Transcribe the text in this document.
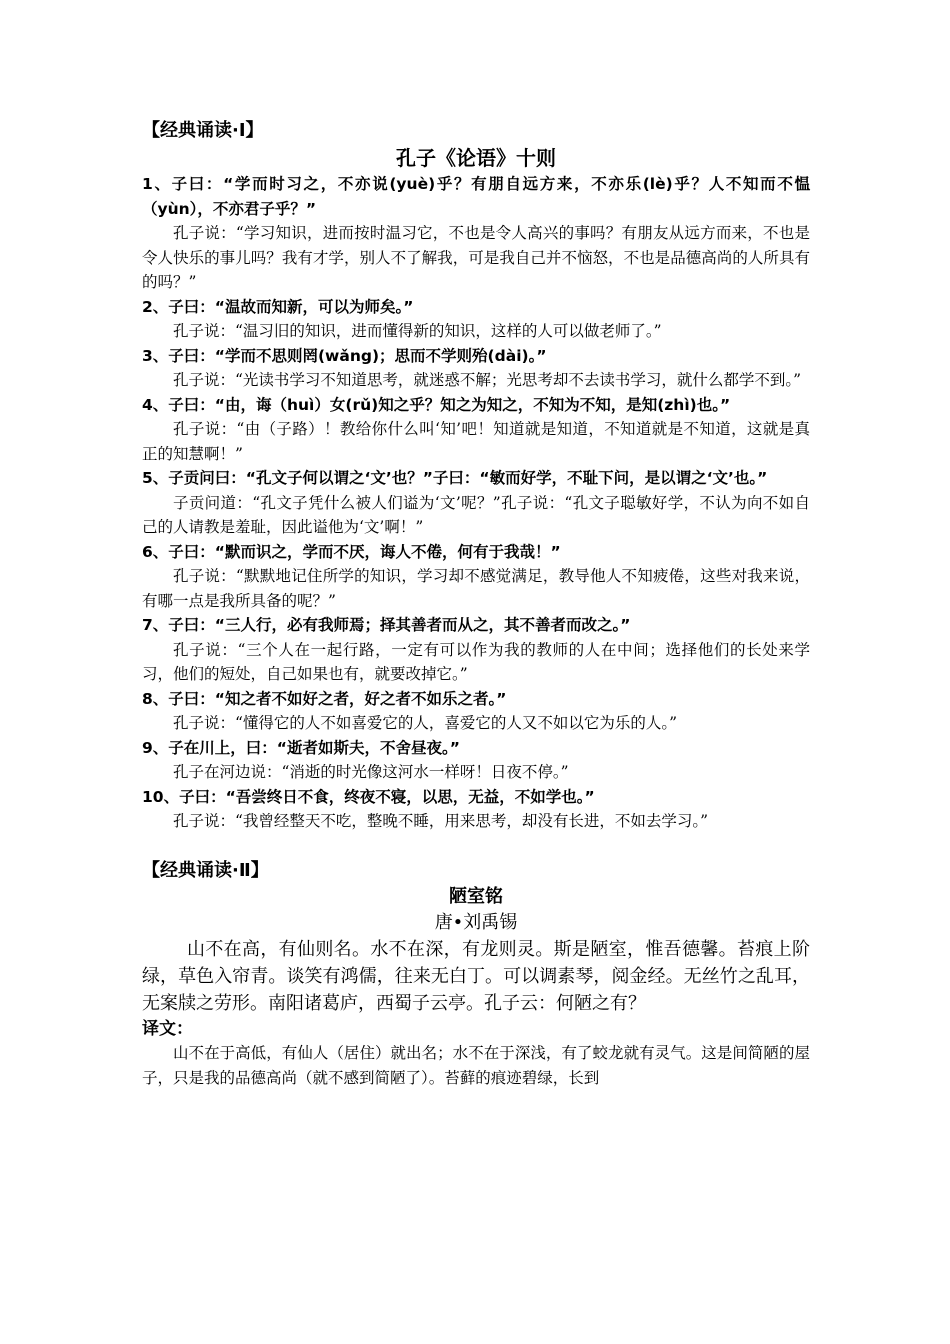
【经典诵读·Ⅰ】

孔子《论语》十则

1、子曰：“学而时习之，不亦说(yuè)乎？有朋自远方来，不亦乐(lè)乎？人不知而不愠（yùn），不亦君子乎？”

孔子说：“学习知识，进而按时温习它，不也是令人高兴的事吗？有朋友从远方而来，不也是令人快乐的事儿吗？我有才学，别人不了解我，可是我自己并不恼怒，不也是品德高尚的人所具有的吗？”

2、子曰：“温故而知新，可以为师矣。”

孔子说：“温习旧的知识，进而懂得新的知识，这样的人可以做老师了。”

3、子曰：“学而不思则罔(wǎng)；思而不学则殆(dài)。”

孔子说：“光读书学习不知道思考，就迷惑不解；光思考却不去读书学习，就什么都学不到。”

4、子曰：“由，诲（huì）女(rǔ)知之乎？知之为知之，不知为不知，是知(zhì)也。”

孔子说：“由（子路）！教给你什么叫‘知’吧！知道就是知道，不知道就是不知道，这就是真正的知慧啊！”

5、子贡问曰：“孔文子何以谓之‘文’也？”子曰：“敏而好学，不耻下问，是以谓之‘文’也。”

子贡问道：“孔文子凭什么被人们谥为‘文’呢？”孔子说：“孔文子聪敏好学，不认为向不如自己的人请教是羞耻，因此谥他为‘文’啊！”

6、子曰：“默而识之，学而不厌，诲人不倦，何有于我哉！”

孔子说：“默默地记住所学的知识，学习却不感觉满足，教导他人不知疲倦，这些对我来说，有哪一点是我所具备的呢？”

7、子曰：“三人行，必有我师焉；择其善者而从之，其不善者而改之。”

孔子说：“三个人在一起行路，一定有可以作为我的教师的人在中间；选择他们的长处来学习，他们的短处，自己如果也有，就要改掉它。”

8、子曰：“知之者不如好之者，好之者不如乐之者。”

孔子说：“懂得它的人不如喜爱它的人，喜爱它的人又不如以它为乐的人。”

9、子在川上，曰：“逝者如斯夫，不舍昼夜。”

孔子在河边说：“消逝的时光像这河水一样呀！日夜不停。”

10、子曰：“吾尝终日不食，终夜不寝，以思，无益，不如学也。”

孔子说：“我曾经整天不吃，整晚不睡，用来思考，却没有长进，不如去学习。”

【经典诵读·Ⅱ】

陋室铭

唐•刘禹锡

山不在高，有仙则名。水不在深，有龙则灵。斯是陋室，惟吾德馨。苔痕上阶绿，草色入帘青。谈笑有鸿儒，往来无白丁。可以调素琴，阅金经。无丝竹之乱耳，无案牍之劳形。南阳诸葛庐，西蜀子云亭。孔子云：何陋之有？

译文：

山不在于高低，有仙人（居住）就出名；水不在于深浅，有了蛟龙就有灵气。这是间简陋的屋子，只是我的品德高尚（就不感到简陋了）。苔藓的痕迹碧绿，长到
